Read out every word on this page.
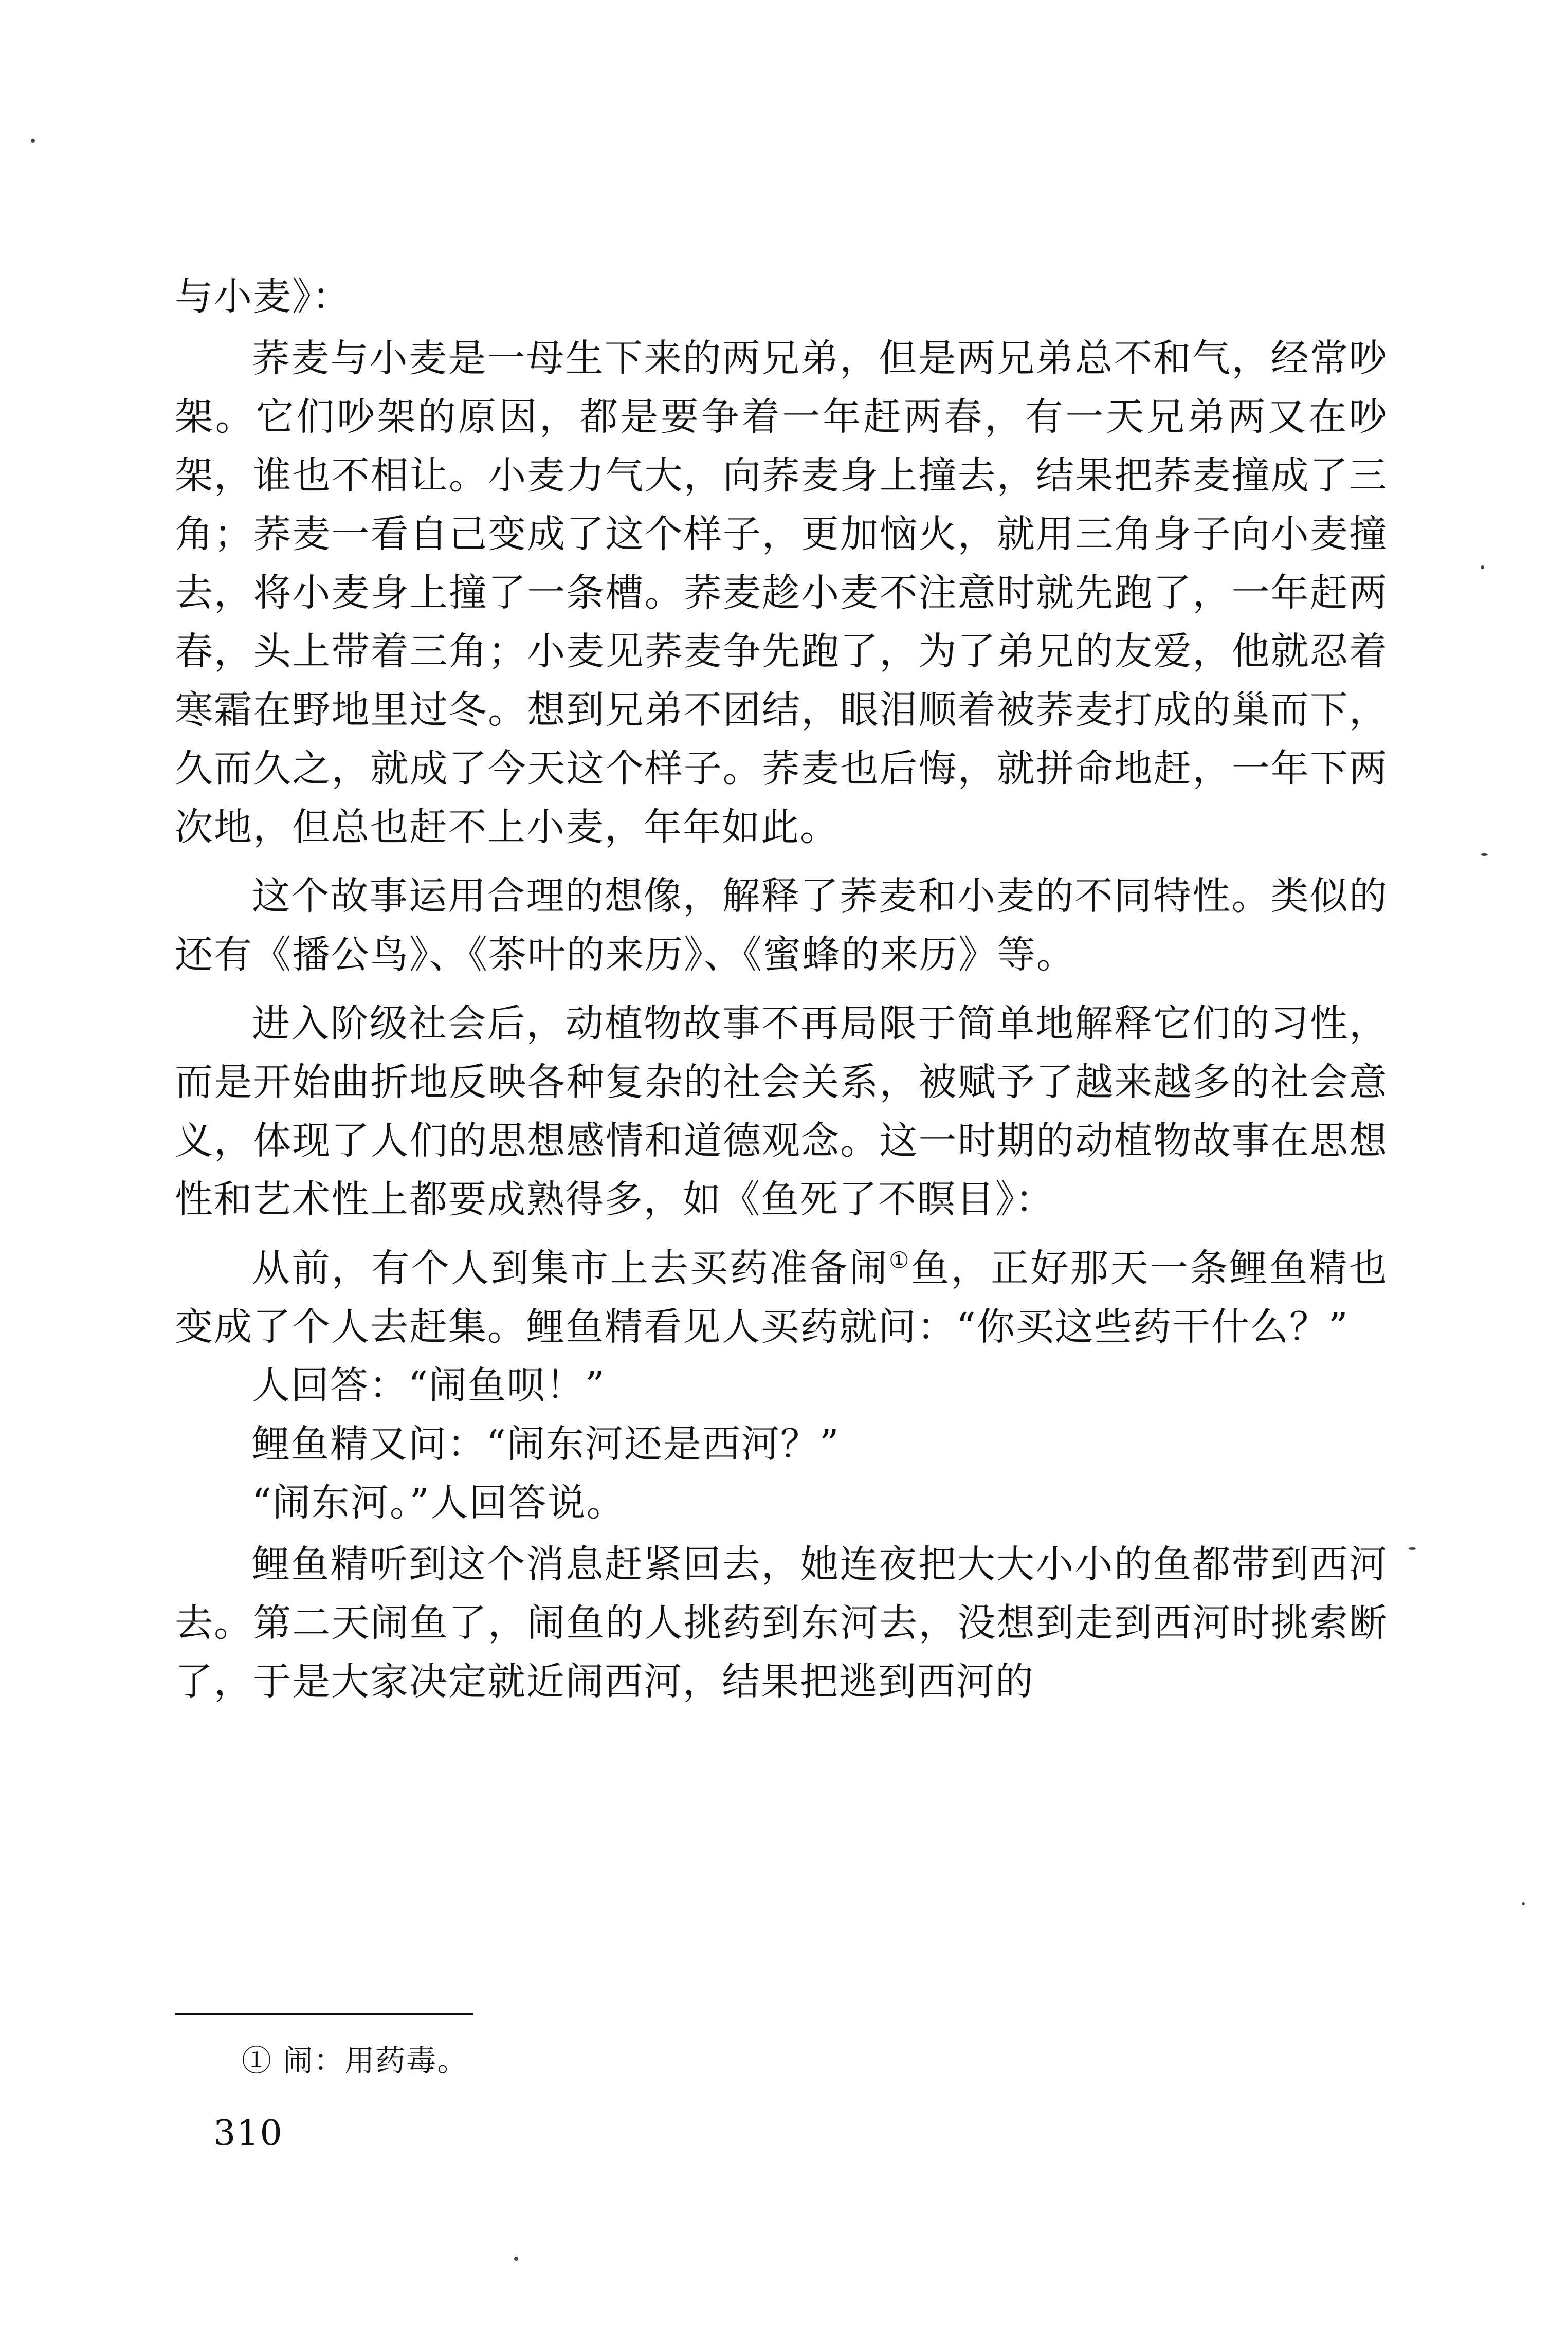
与小麦》：

荞麦与小麦是一母生下来的两兄弟，但是两兄弟总不和气，经常吵架。它们吵架的原因，都是要争着一年赶两春，有一天兄弟两又在吵架，谁也不相让。小麦力气大，向荞麦身上撞去，结果把荞麦撞成了三角；荞麦一看自己变成了这个样子，更加恼火，就用三角身子向小麦撞去，将小麦身上撞了一条槽。荞麦趁小麦不注意时就先跑了，一年赶两春，头上带着三角；小麦见荞麦争先跑了，为了弟兄的友爱，他就忍着寒霜在野地里过冬。想到兄弟不团结，眼泪顺着被荞麦打成的巢而下，久而久之，就成了今天这个样子。荞麦也后悔，就拼命地赶，一年下两次地，但总也赶不上小麦，年年如此。

这个故事运用合理的想像，解释了荞麦和小麦的不同特性。类似的还有《播公鸟》、《茶叶的来历》、《蜜蜂的来历》等。

进入阶级社会后，动植物故事不再局限于简单地解释它们的习性，而是开始曲折地反映各种复杂的社会关系，被赋予了越来越多的社会意义，体现了人们的思想感情和道德观念。这一时期的动植物故事在思想性和艺术性上都要成熟得多，如《鱼死了不瞑目》：

从前，有个人到集市上去买药准备闹①鱼，正好那天一条鲤鱼精也变成了个人去赶集。鲤鱼精看见人买药就问：“你买这些药干什么？”

人回答：“闹鱼呗！”

鲤鱼精又问：“闹东河还是西河？”

“闹东河。”人回答说。

鲤鱼精听到这个消息赶紧回去，她连夜把大大小小的鱼都带到西河去。第二天闹鱼了，闹鱼的人挑药到东河去，没想到走到西河时挑索断了，于是大家决定就近闹西河，结果把逃到西河的

① 闹：用药毒。
310
